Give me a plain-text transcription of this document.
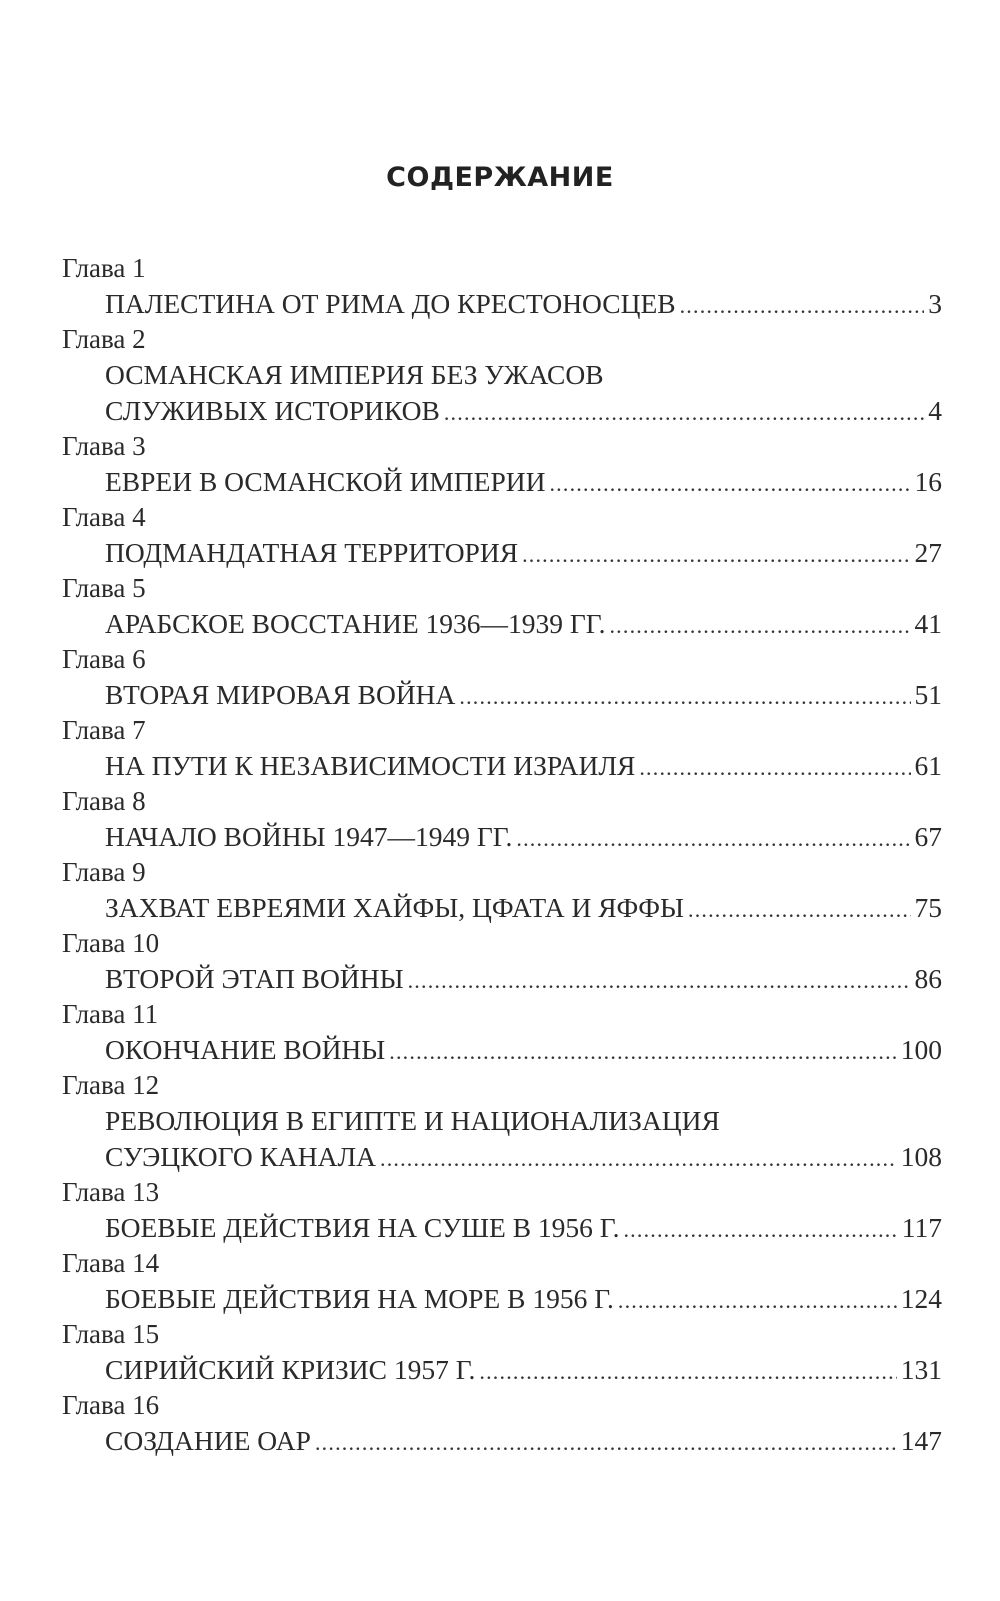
СОДЕРЖАНИЕ
Глава 1
ПАЛЕСТИНА ОТ РИМА ДО КРЕСТОНОСЦЕВ .....	3
Глава 2
ОСМАНСКАЯ ИМПЕРИЯ БЕЗ УЖАСОВ
СЛУЖИВЫХ ИСТОРИКОВ .....	4
Глава 3
ЕВРЕИ В ОСМАНСКОЙ ИМПЕРИИ .....	16
Глава 4
ПОДМАНДАТНАЯ ТЕРРИТОРИЯ .....	27
Глава 5
АРАБСКОЕ ВОССТАНИЕ 1936—1939 ГГ. .....	41
Глава 6
ВТОРАЯ МИРОВАЯ ВОЙНА .....	51
Глава 7
НА ПУТИ К НЕЗАВИСИМОСТИ ИЗРАИЛЯ .....	61
Глава 8
НАЧАЛО ВОЙНЫ 1947—1949 ГГ. .....	67
Глава 9
ЗАХВАТ ЕВРЕЯМИ ХАЙФЫ, ЦФАТА И ЯФФЫ .....	75
Глава 10
ВТОРОЙ ЭТАП ВОЙНЫ .....	86
Глава 11
ОКОНЧАНИЕ ВОЙНЫ .....	100
Глава 12
РЕВОЛЮЦИЯ В ЕГИПТЕ И НАЦИОНАЛИЗАЦИЯ
СУЭЦКОГО КАНАЛА .....	108
Глава 13
БОЕВЫЕ ДЕЙСТВИЯ НА СУШЕ В 1956 Г. .....	117
Глава 14
БОЕВЫЕ ДЕЙСТВИЯ НА МОРЕ В 1956 Г. .....	124
Глава 15
СИРИЙСКИЙ КРИЗИС 1957 Г. .....	131
Глава 16
СОЗДАНИЕ ОАР .....	147
